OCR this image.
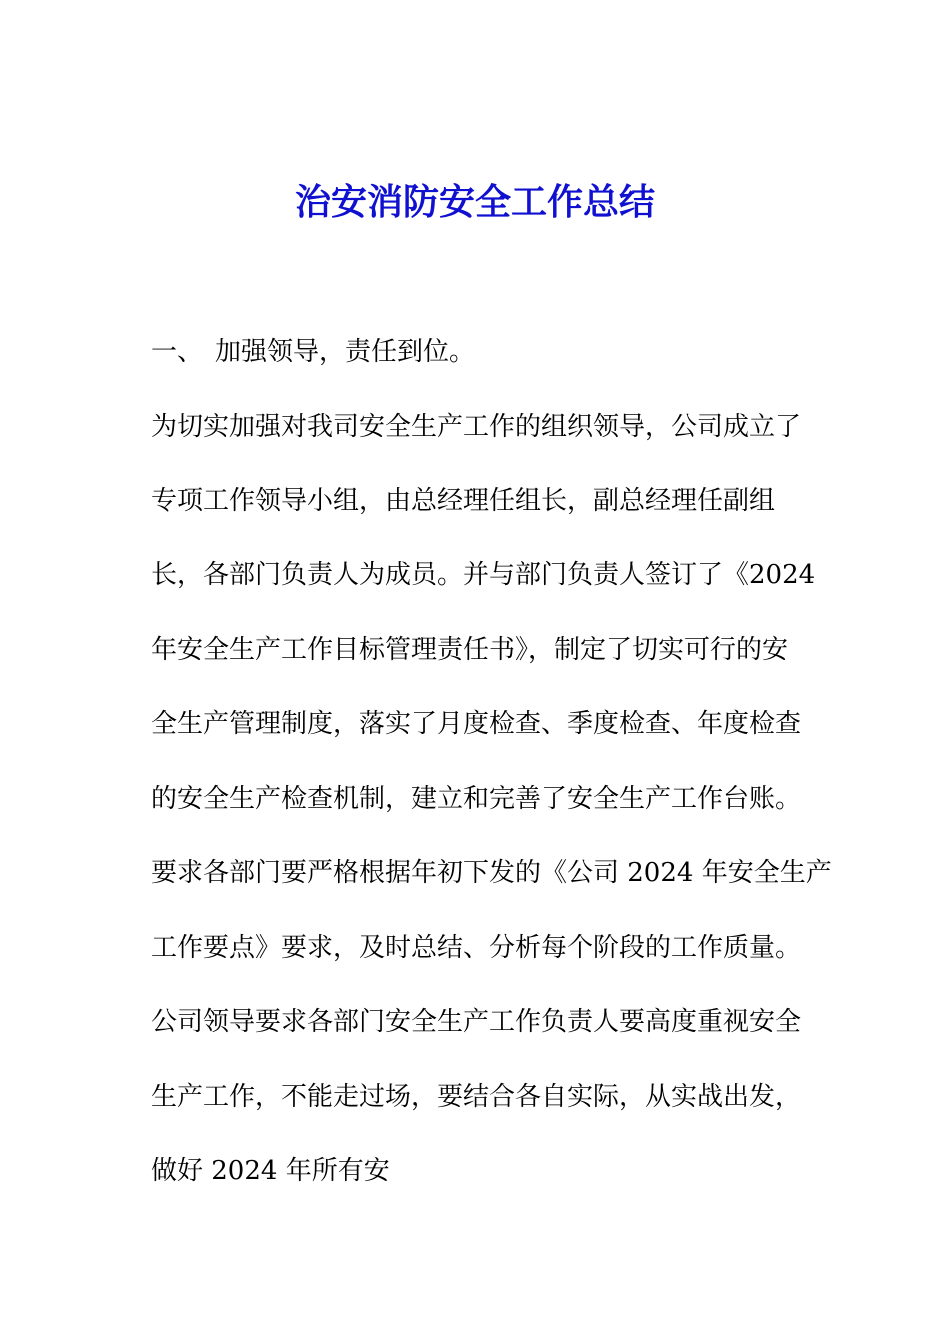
治安消防安全工作总结

一、 加强领导，责任到位。

为切实加强对我司安全生产工作的组织领导，公司成立了

专项工作领导小组，由总经理任组长，副总经理任副组

长，各部门负责人为成员。并与部门负责人签订了《2024

年安全生产工作目标管理责任书》，制定了切实可行的安

全生产管理制度，落实了月度检查、季度检查、年度检查

的安全生产检查机制，建立和完善了安全生产工作台账。

要求各部门要严格根据年初下发的《公司 2024 年安全生产

工作要点》要求，及时总结、分析每个阶段的工作质量。

公司领导要求各部门安全生产工作负责人要高度重视安全

生产工作，不能走过场，要结合各自实际，从实战出发，

做好 2024 年所有安
